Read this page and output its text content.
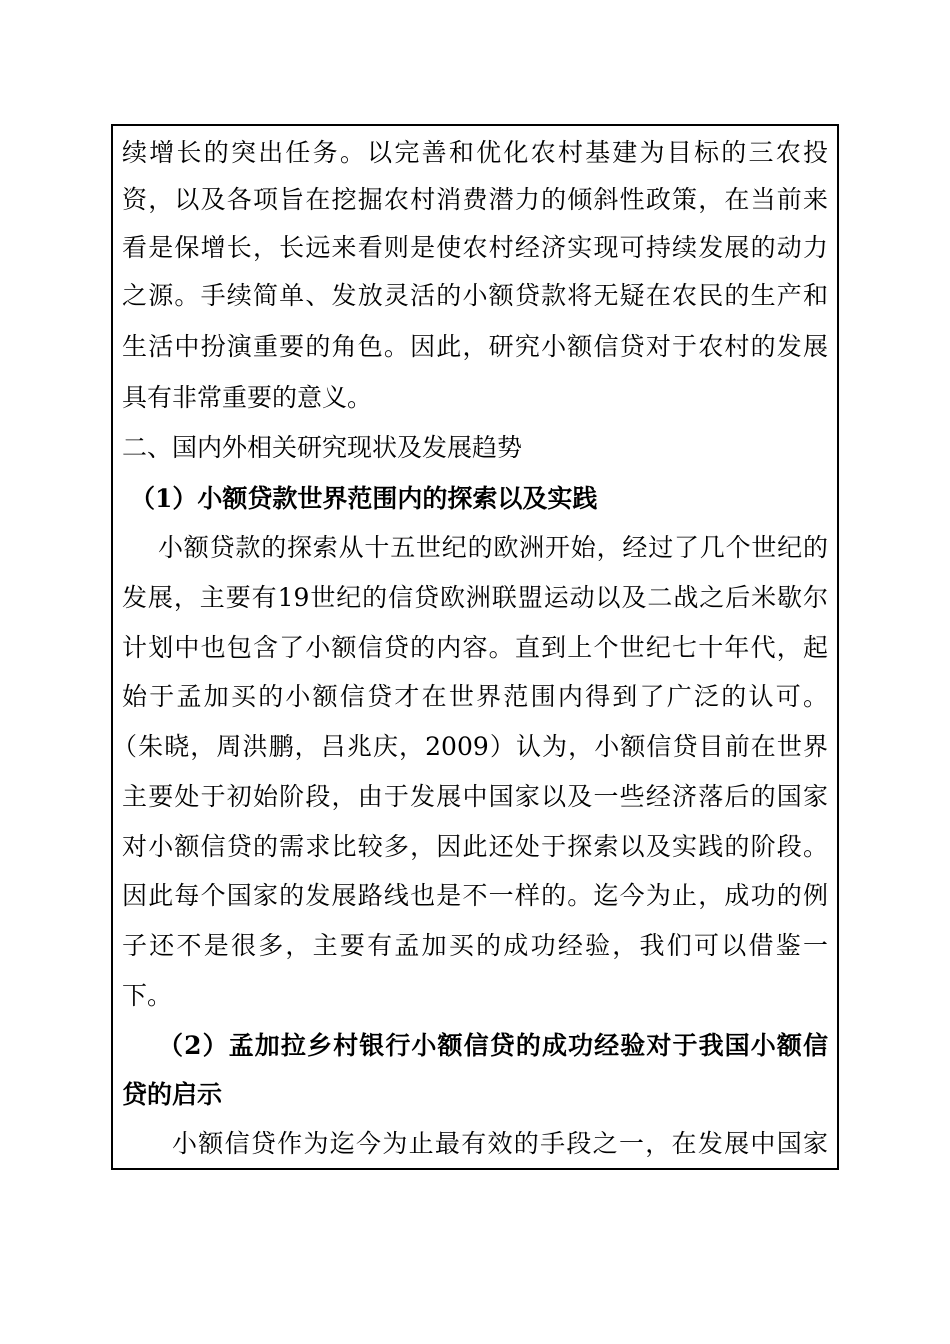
续增长的突出任务。以完善和优化农村基建为目标的三农投
资，以及各项旨在挖掘农村消费潜力的倾斜性政策，在当前来
看是保增长，长远来看则是使农村经济实现可持续发展的动力
之源。手续简单、发放灵活的小额贷款将无疑在农民的生产和
生活中扮演重要的角色。因此，研究小额信贷对于农村的发展
具有非常重要的意义。
二、国内外相关研究现状及发展趋势
（1）小额贷款世界范围内的探索以及实践
小额贷款的探索从十五世纪的欧洲开始，经过了几个世纪的
发展，主要有19世纪的信贷欧洲联盟运动以及二战之后米歇尔
计划中也包含了小额信贷的内容。直到上个世纪七十年代，起
始于孟加买的小额信贷才在世界范围内得到了广泛的认可。
（朱晓，周洪鹏，吕兆庆，2009）认为，小额信贷目前在世界
主要处于初始阶段，由于发展中国家以及一些经济落后的国家
对小额信贷的需求比较多，因此还处于探索以及实践的阶段。
因此每个国家的发展路线也是不一样的。迄今为止，成功的例
子还不是很多，主要有孟加买的成功经验，我们可以借鉴一
下。
（2）孟加拉乡村银行小额信贷的成功经验对于我国小额信
贷的启示
小额信贷作为迄今为止最有效的手段之一，在发展中国家
